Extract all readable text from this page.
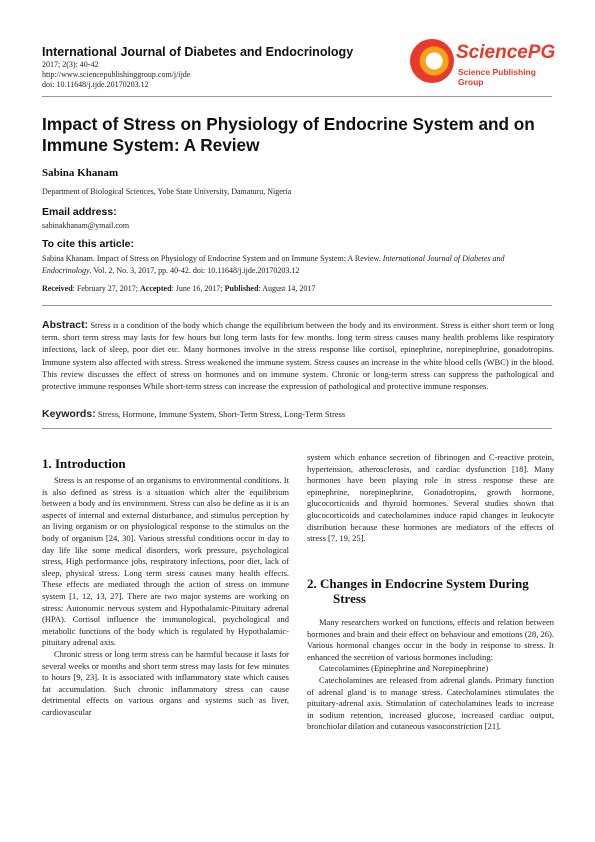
International Journal of Diabetes and Endocrinology
2017; 2(3): 40-42
http://www.sciencepublishinggroup.com/j/ijde
doi: 10.11648/j.ijde.20170203.12
SciencePG
Science Publishing Group
Impact of Stress on Physiology of Endocrine System and on Immune System: A Review
Sabina Khanam
Department of Biological Sciences, Yobe State University, Damaturu, Nigeria
Email address:
sabinakhanam@ymail.com
To cite this article:
Sabina Khanam. Impact of Stress on Physiology of Endocrine System and on Immune System: A Review. International Journal of Diabetes and Endocrinology. Vol. 2, No. 3, 2017, pp. 40-42. doi: 10.11648/j.ijde.20170203.12
Received: February 27, 2017; Accepted: June 16, 2017; Published: August 14, 2017
Abstract: Stress is a condition of the body which change the equilibrium between the body and its environment. Stress is either short term or long term. short term stress may lasts for few hours but long term lasts for few months. long term stress causes many health problems like respiratory infections, lack of sleep, poor diet etc. Many hormones involve in the stress response like cortisol, epinephrine, norepinephrine, gonadotropins. Immune system also affected with stress. Stress weakened the immune system. Stress causes an increase in the white blood cells (WBC) in the blood. This review discusses the effect of stress on hormones and on immune system. Chronic or long-term stress can suppress the pathological and protective immune responses While short-term stress can increase the expression of pathological and protective immune responses.
Keywords: Stress, Hormone, Immune System, Short-Term Stress, Long-Term Stress
1. Introduction

Stress is an response of an organisms to environmental conditions. It is also defined as stress is a situation which alter the equilibrium between a body and its environment. Stress can also be define as it is an aspects of internal and external disturbance, and stimulus perception by an living organism or on physiological response to the stimulus on the body of organism [24, 30]. Various stressful conditions occur in day to day life like some medical disorders, work pressure, psychological stress, High performance jobs, respiratory infections, poor diet, lack of sleep, physical stress. Long term stress causes many health effects. These effects are mediated through the action of stress on immune system [1, 12, 13, 27]. There are two major systems are working on stress: Autonomic nervous system and Hypothalamic-Pituitary adrenal (HPA). Cortisol influence the immunological, psychological and metabolic functions of the body which is regulated by Hypothalamic-pituitary adrenal axis.

Chronic stress or long term stress can be harmful because it lasts for several weeks or months and short term stress may lasts for few minutes to hours [9, 23]. It is associated with inflammatory state which causes fat accumulation. Such chronic inflammatory stress can cause detrimental effects on various organs and systems such as liver, cardiovascular

system which enhance secretion of fibrinogen and C-reactive protein, hypertension, atherosclerosis, and cardiac dysfunction [18]. Many hormones have been playing role in stress response these are epinephrine, norepinephrine, Gonadotropins, growth hormone, glucocorticoids and thyroid hormones. Several studies shown that glucocorticoids and catecholamines induce rapid changes in leukocyte distribution because these hormones are mediators of the effects of stress [7, 19, 25].

2. Changes in Endocrine System During Stress

Many researchers worked on functions, effects and relation between hormones and brain and their effect on behaviour and emotions (28, 26). Various hormonal changes occur in the body in response to stress. It enhanced the secretion of various hormones including:

Catecolamines (Epinephrine and Norepinephrine)

Catecholamines are released from adrenal glands. Primary function of adrenal gland is to manage stress. Catecholamines stimulates the pituitary-adrenal axis. Stimulation of catecholamines leads to increase in sodium retention, increased glucose, increased cardiac output, bronchiolar dilation and cutaneous vasoconstriction [21].
